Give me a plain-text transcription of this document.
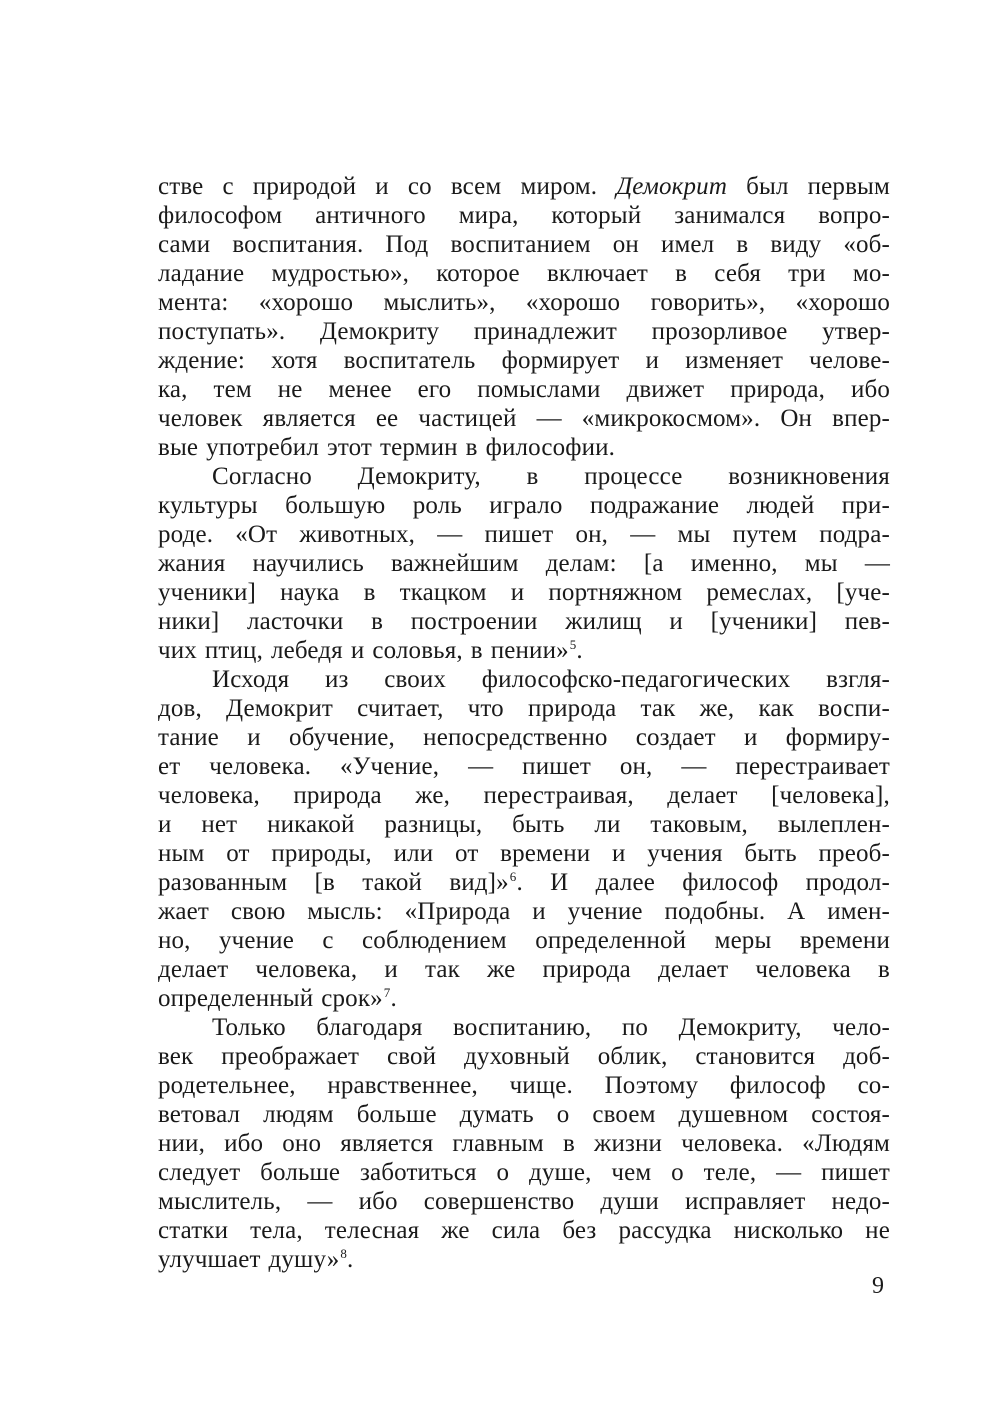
стве с природой и со всем миром. Демокрит был первым
философом античного мира, который занимался вопро-
сами воспитания. Под воспитанием он имел в виду «об-
ладание мудростью», которое включает в себя три мо-
мента: «хорошо мыслить», «хорошо говорить», «хорошо
поступать». Демокриту принадлежит прозорливое утвер-
ждение: хотя воспитатель формирует и изменяет челове-
ка, тем не менее его помыслами движет природа, ибо
человек является ее частицей — «микрокосмом». Он впер-
вые употребил этот термин в философии.
Согласно Демокриту, в процессе возникновения
культуры большую роль играло подражание людей при-
роде. «От животных, — пишет он, — мы путем подра-
жания научились важнейшим делам: [а именно, мы —
ученики] наука в ткацком и портняжном ремеслах, [уче-
ники] ласточки в построении жилищ и [ученики] пев-
чих птиц, лебедя и соловья, в пении»$^5$.
Исходя из своих философско-педагогических взгля-
дов, Демокрит считает, что природа так же, как воспи-
тание и обучение, непосредственно создает и формиру-
ет человека. «Учение, — пишет он, — перестраивает
человека, природа же, перестраивая, делает [человека],
и нет никакой разницы, быть ли таковым, вылеплен-
ным от природы, или от времени и учения быть преоб-
разованным [в такой вид]»$^6$. И далее философ продол-
жает свою мысль: «Природа и учение подобны. А имен-
но, учение с соблюдением определенной меры времени
делает человека, и так же природа делает человека в
определенный срок»$^7$.
Только благодаря воспитанию, по Демокриту, чело-
век преображает свой духовный облик, становится доб-
родетельнее, нравственнее, чище. Поэтому философ со-
ветовал людям больше думать о своем душевном состоя-
нии, ибо оно является главным в жизни человека. «Людям
следует больше заботиться о душе, чем о теле, — пишет
мыслитель, — ибо совершенство души исправляет недо-
статки тела, телесная же сила без рассудка нисколько не
улучшает душу»$^8$.
9
